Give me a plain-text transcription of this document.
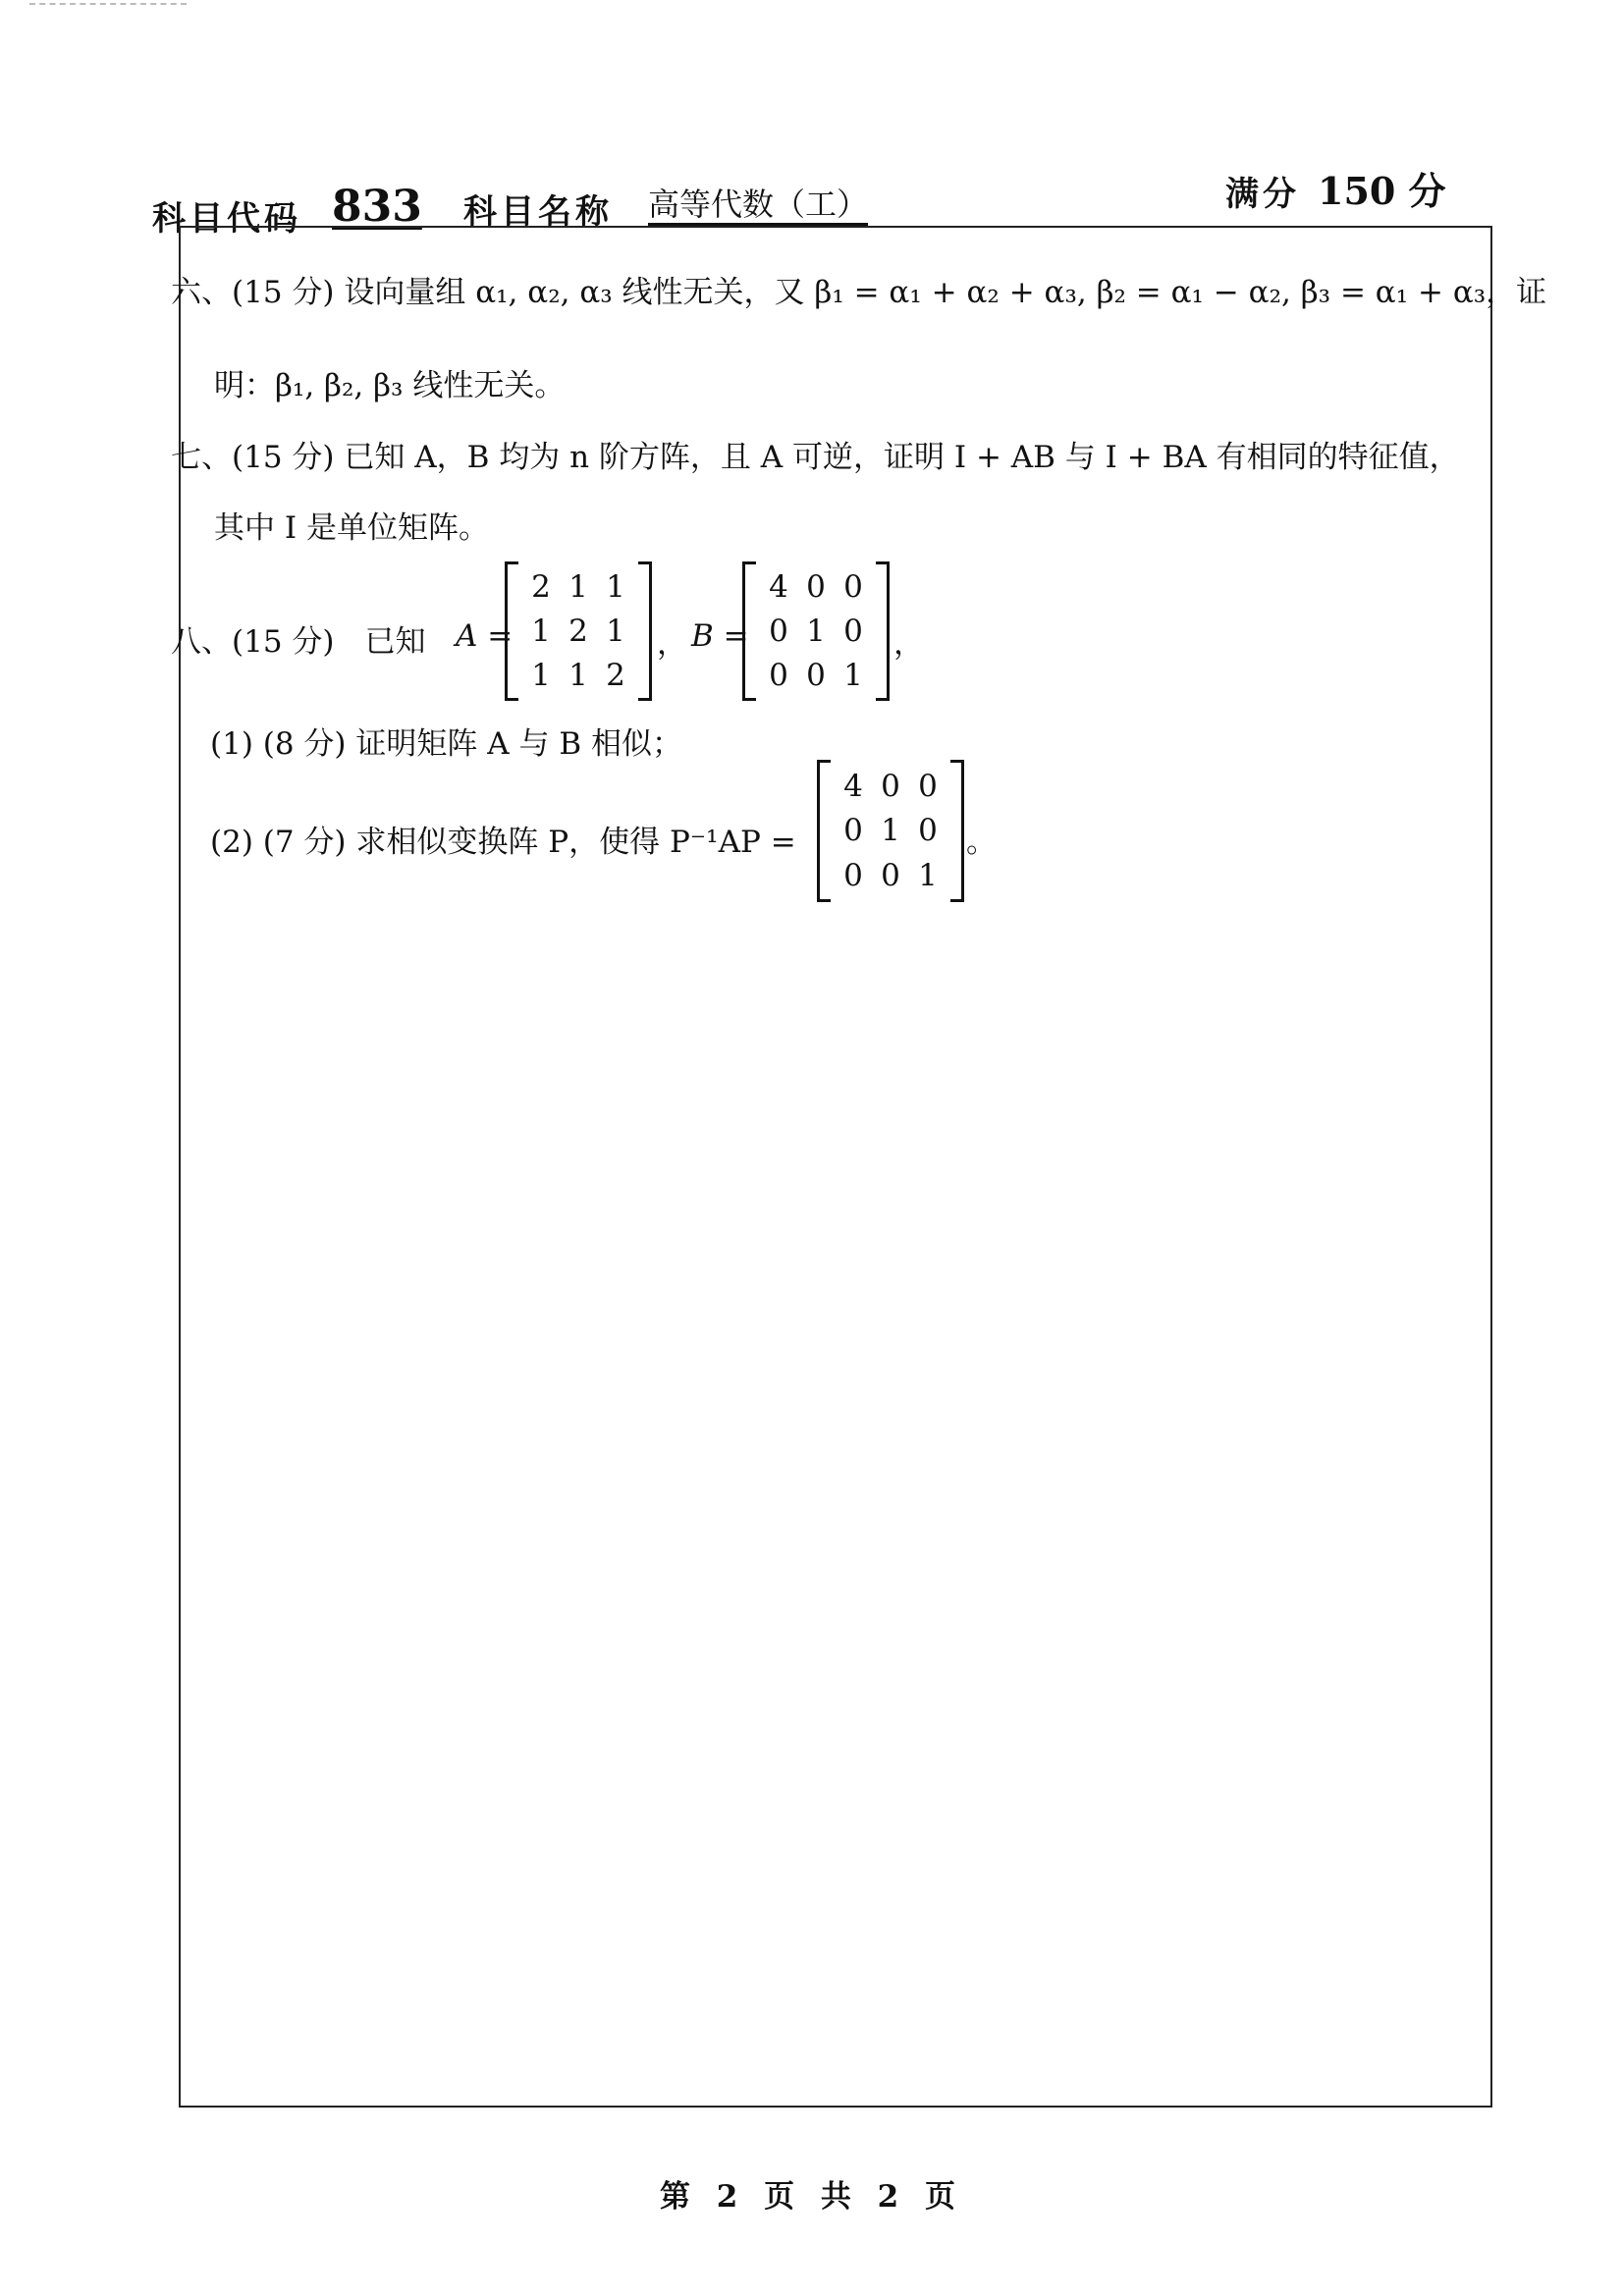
科目代码 833 科目名称 高等代数（工）	满分 150 分
六、(15 分) 设向量组 α₁, α₂, α₃ 线性无关，又 β₁ = α₁ + α₂ + α₃, β₂ = α₁ − α₂, β₃ = α₁ + α₃，证
明：β₁, β₂, β₃ 线性无关。
七、(15 分) 已知 A，B 均为 n 阶方阵，且 A 可逆，证明 I + AB 与 I + BA 有相同的特征值，
其中 I 是单位矩阵。
八、(15 分)　已知 A =
2 1 1
1 2 1
1 1 2
， B =
4 0 0
0 1 0
0 0 1
，
(1) (8 分) 证明矩阵 A 与 B 相似；
(2) (7 分) 求相似变换阵 P，使得 P⁻¹AP =
4 0 0
0 1 0
0 0 1
。
第 2 页 共 2 页
